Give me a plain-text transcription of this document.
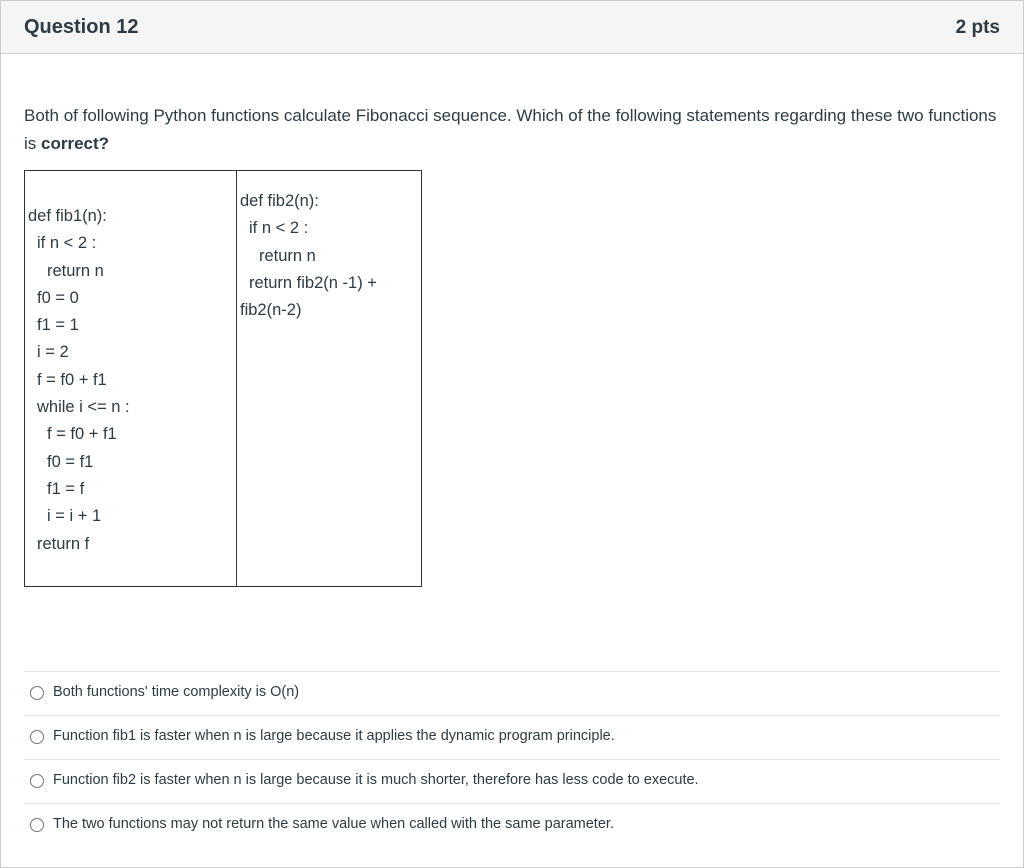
Question 12	2 pts
Both of following Python functions calculate Fibonacci sequence. Which of the following statements regarding these two functions is correct?
def fib1(n):
if n < 2 :
return n
f0 = 0
f1 = 1
i = 2
f = f0 + f1
while i <= n :
f = f0 + f1
f0 = f1
f1 = f
i = i + 1
return f

def fib2(n):
if n < 2 :
return n
return fib2(n -1) +
fib2(n-2)
Both functions' time complexity is O(n)
Function fib1 is faster when n is large because it applies the dynamic program principle.
Function fib2 is faster when n is large because it is much shorter, therefore has less code to execute.
The two functions may not return the same value when called with the same parameter.
